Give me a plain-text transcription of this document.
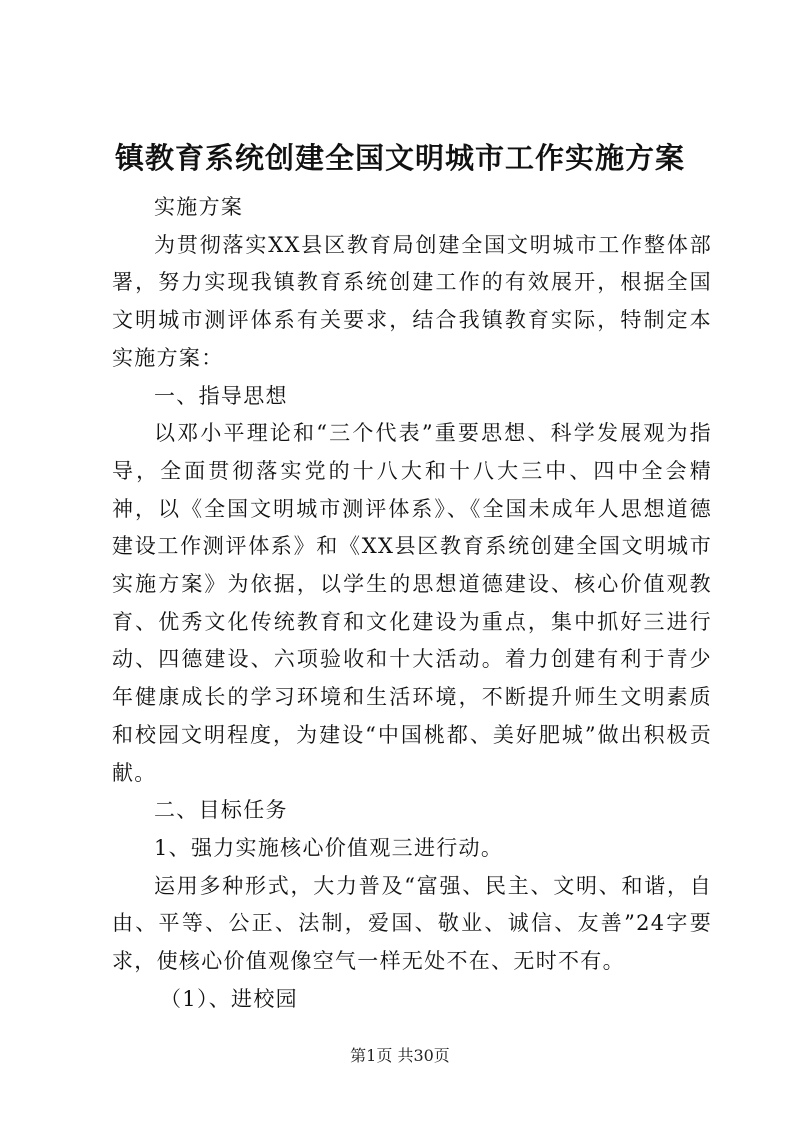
镇教育系统创建全国文明城市工作实施方案

实施方案

为贯彻落实XX县区教育局创建全国文明城市工作整体部署，努力实现我镇教育系统创建工作的有效展开，根据全国文明城市测评体系有关要求，结合我镇教育实际，特制定本实施方案：

一、指导思想

以邓小平理论和“三个代表”重要思想、科学发展观为指导，全面贯彻落实党的十八大和十八大三中、四中全会精神，以《全国文明城市测评体系》、《全国未成年人思想道德建设工作测评体系》和《XX县区教育系统创建全国文明城市实施方案》为依据，以学生的思想道德建设、核心价值观教育、优秀文化传统教育和文化建设为重点，集中抓好三进行动、四德建设、六项验收和十大活动。着力创建有利于青少年健康成长的学习环境和生活环境，不断提升师生文明素质和校园文明程度，为建设“中国桃都、美好肥城”做出积极贡献。

二、目标任务

1、强力实施核心价值观三进行动。

运用多种形式，大力普及“富强、民主、文明、和谐，自由、平等、公正、法制，爱国、敬业、诚信、友善”24字要求，使核心价值观像空气一样无处不在、无时不有。

（1）、进校园

第1页 共30页
